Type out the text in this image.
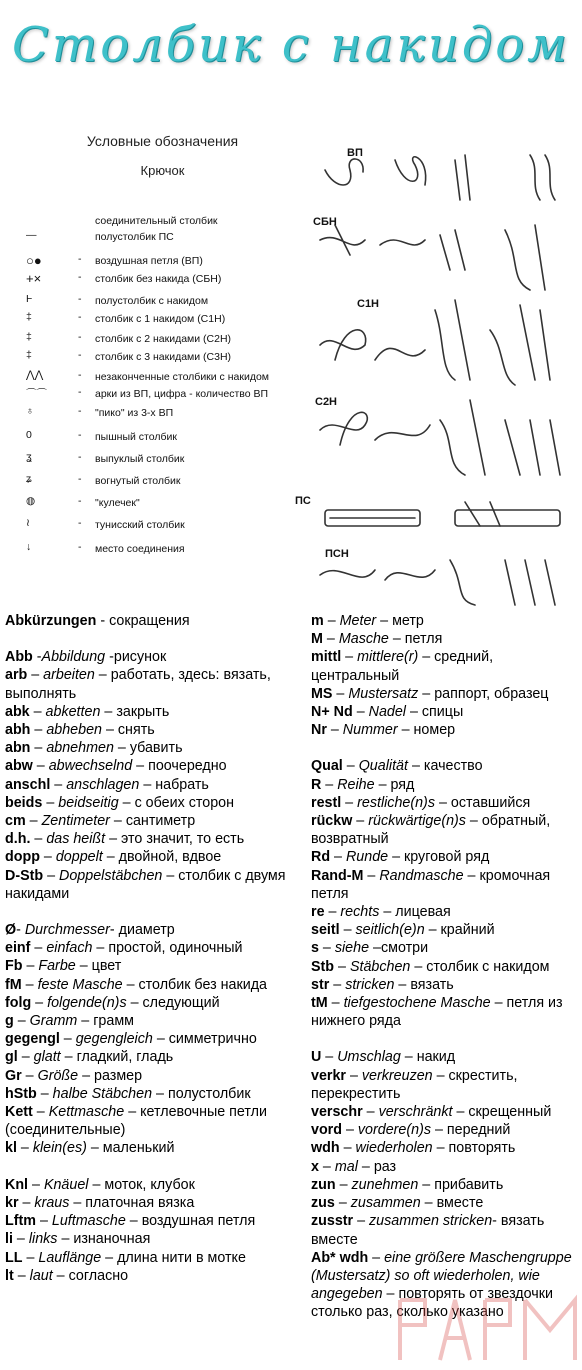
Столбик с накидом
Условные обозначения
Крючок
соединительный столбик
—	полустолбик ПС
○●	- воздушная петля (ВП)
+×	- столбик без накида (СБН)
Ⱶ	- полустолбик с накидом
‡	- столбик с 1 накидом (С1Н)
‡	- столбик с 2 накидами (С2Н)
‡	- столбик с 3 накидами (С3Н)
⋀⋀	- незаконченные столбики с накидом
⌒⌒	- арки из ВП, цифра - количество ВП
♁	- "пико" из 3-х ВП
0	- пышный столбик
ʓ	- выпуклый столбик
ʑ	- вогнутый столбик
◍	- "кулечек"
≀	- тунисский столбик
↓	- место соединения
ВП
СБН
С1Н
С2Н
ПС
ПСН
Abkürzungen - сокращения
Abb -Abbildung -рисунок
arb – arbeiten – работать, здесь: вязать, выполнять
abk – abketten – закрыть
abh – abheben – снять
abn – abnehmen – убавить
abw – abwechselnd – поочередно
anschl – anschlagen – набрать
beids – beidseitig – с обеих сторон
cm – Zentimeter – сантиметр
d.h. – das heißt – это значит, то есть
dopp – doppelt – двойной, вдвое
D-Stb – Doppelstäbchen – столбик с двумя накидами
Ø- Durchmesser- диаметр
einf – einfach – простой, одиночный
Fb – Farbe – цвет
fM – feste Masche – столбик без накида
folg – folgende(n)s – следующий
g – Gramm – грамм
gegengl – gegengleich – симметрично
gl – glatt – гладкий, гладь
Gr – Größe – размер
hStb – halbe Stäbchen – полустолбик
Kett – Kettmasche – кетлевочные петли (соединительные)
kl – klein(es) – маленький
Knl – Knäuel – моток, клубок
kr – kraus – платочная вязка
Lftm – Luftmasche – воздушная петля
li – links – изнаночная
LL – Lauflänge – длина нити в мотке
lt – laut – согласно
m – Meter – метр
M – Masche – петля
mittl – mittlere(r) – средний, центральный
MS – Mustersatz – раппорт, образец
N+ Nd – Nadel – спицы
Nr – Nummer – номер
Qual – Qualität – качество
R – Reihe – ряд
restl – restliche(n)s – оставшийся
rückw – rückwärtige(n)s – обратный, возвратный
Rd – Runde – круговой ряд
Rand-M – Randmasche – кромочная петля
re – rechts – лицевая
seitl – seitlich(e)n – крайний
s – siehe –смотри
Stb – Stäbchen – столбик с накидом
str – stricken – вязать
tM – tiefgestochene Masche – петля из нижнего ряда
U – Umschlag – накид
verkr – verkreuzen – скрестить, перекрестить
verschr – verschränkt – скрещенный
vord – vordere(n)s – передний
wdh – wiederholen – повторять
x – mal – раз
zun – zunehmen – прибавить
zus – zusammen – вместе
zusstr – zusammen stricken- вязать вместе
Ab* wdh – eine größere Maschengruppe (Mustersatz) so oft wiederholen, wie angegeben – повторять от звездочки столько раз, сколько указано
